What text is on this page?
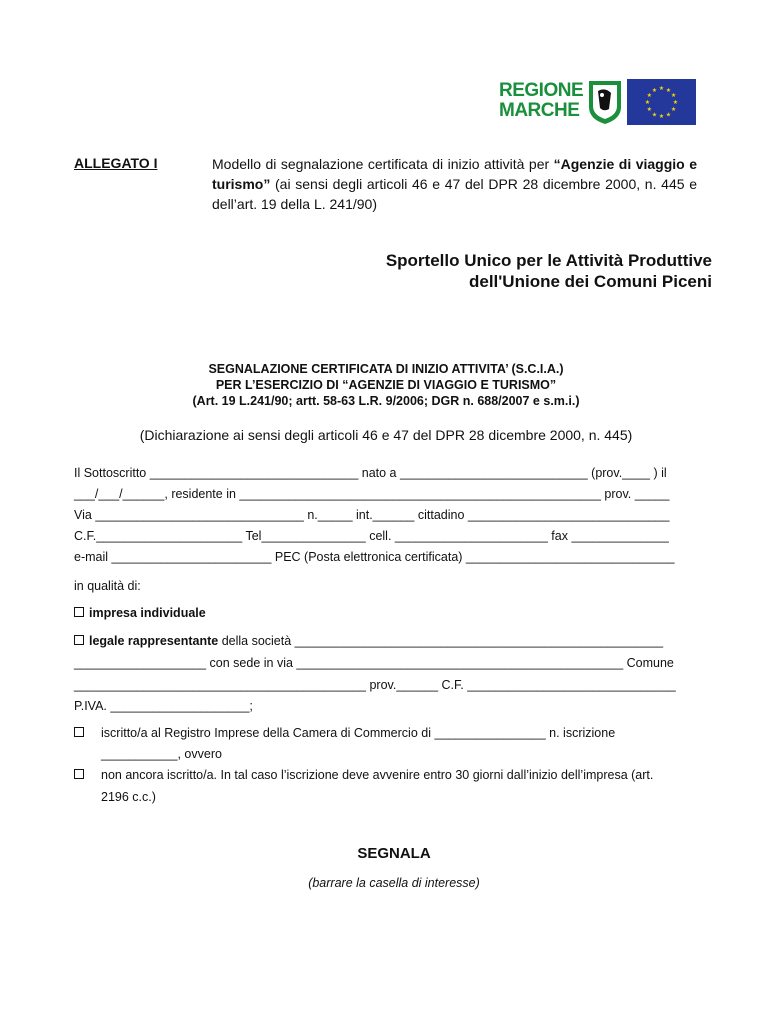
REGIONE
MARCHE
★ ★
★
★
★
★
★
★
★
★
★
★
ALLEGATO I	Modello di segnalazione certificata di inizio attività per “Agenzie di viaggio e turismo” (ai sensi degli articoli 46 e 47 del DPR 28 dicembre 2000, n. 445 e dell’art. 19 della L. 241/90)
Sportello Unico per le Attività Produttive
dell'Unione dei Comuni Piceni
SEGNALAZIONE CERTIFICATA DI INIZIO ATTIVITA’ (S.C.I.A.)
PER L’ESERCIZIO DI “AGENZIE DI VIAGGIO E TURISMO”
(Art. 19 L.241/90; artt. 58-63 L.R. 9/2006; DGR n. 688/2007 e s.m.i.)
(Dichiarazione ai sensi degli articoli 46 e 47 del DPR 28 dicembre 2000, n. 445)
Il Sottoscritto ______________________________ nato a ___________________________ (prov.____ ) il
___/___/______, residente in ____________________________________________________ prov. _____
Via ______________________________ n._____ int.______ cittadino _____________________________
C.F._____________________ Tel_______________ cell. ______________________ fax ______________
e-mail _______________________ PEC (Posta elettronica certificata) ______________________________
in qualità di:
impresa individuale
legale rappresentante della società _____________________________________________________
___________________ con sede in via _______________________________________________ Comune
__________________________________________ prov.______ C.F. ______________________________
P.IVA. ____________________;
iscritto/a al Registro Imprese della Camera di Commercio di ________________ n. iscrizione
___________, ovvero
non ancora iscritto/a. In tal caso l’iscrizione deve avvenire entro 30 giorni dall’inizio dell’impresa (art.
2196 c.c.)
SEGNALA
(barrare la casella di interesse)
